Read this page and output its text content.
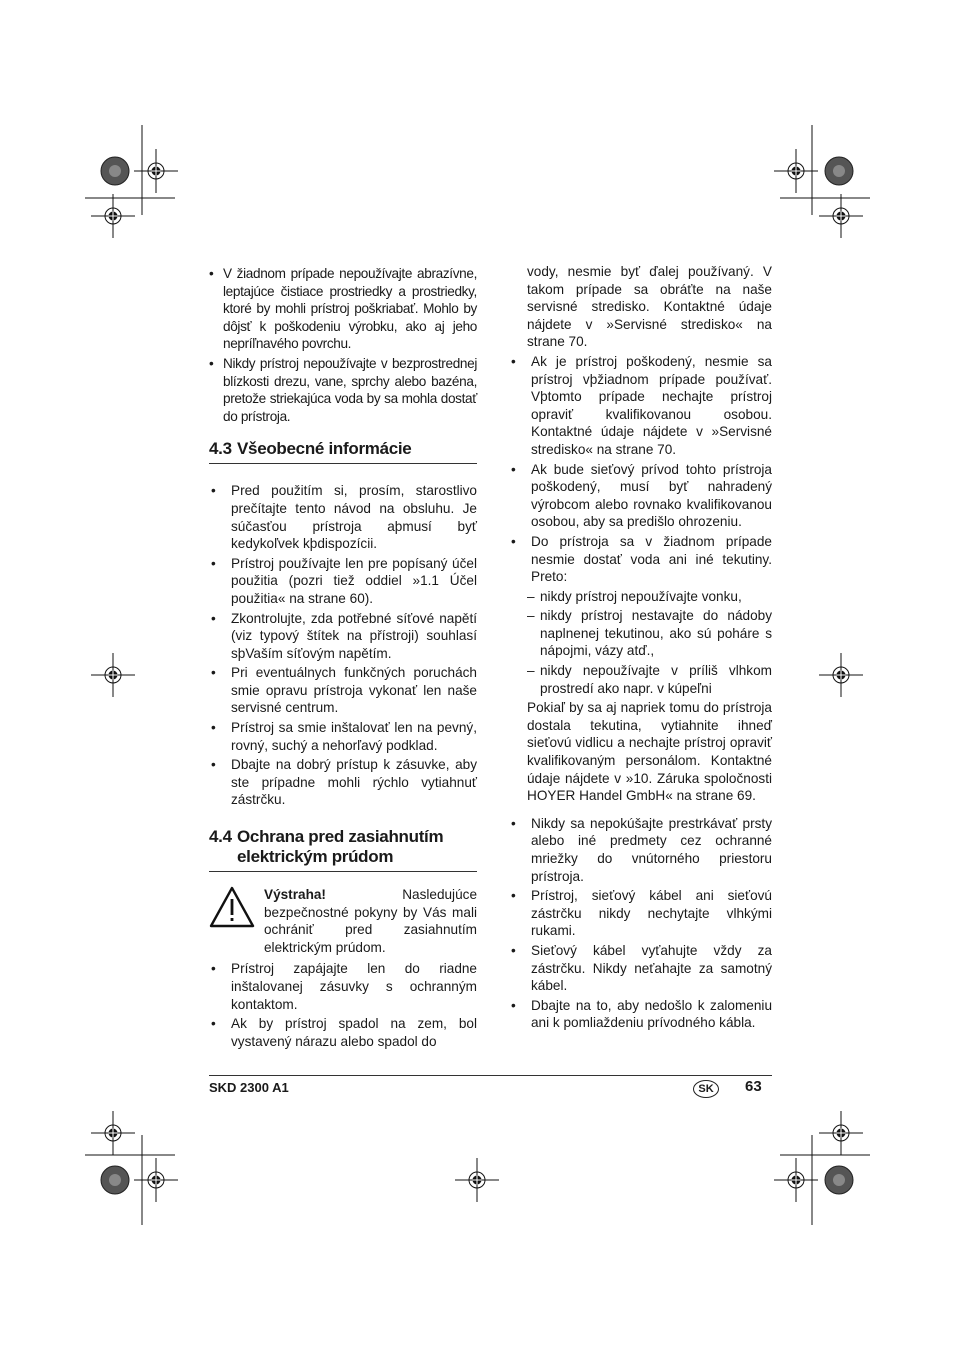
• V žiadnom prípade nepoužívajte abrazívne, leptajúce čistiace prostriedky a prostriedky, ktoré by mohli prístroj poškriabať. Mohlo by dôjsť k poškodeniu výrobku, ako aj jeho nepríľnavého povrchu.
• Nikdy prístroj nepoužívajte v bezprostrednej blízkosti drezu, vane, sprchy alebo bazéna, pretože striekajúca voda by sa mohla dostať do prístroja.
4.3 Všeobecné informácie
• Pred použitím si, prosím, starostlivo prečítajte tento návod na obsluhu. Je súčasťou prístroja aþmusí byť kedykoľvek kþdispozícii.
• Prístroj používajte len pre popísaný účel použitia (pozri tiež oddiel »1.1 Účel použitia« na strane 60).
• Zkontrolujte, zda potřebné síťové napětí (viz typový štítek na přístroji) souhlasí sþVaším síťovým napětím.
• Pri eventuálnych funkčných poruchách smie opravu prístroja vykonať len naše servisné centrum.
• Prístroj sa smie inštalovať len na pevný, rovný, suchý a nehorľavý podklad.
• Dbajte na dobrý prístup k zásuvke, aby ste prípadne mohli rýchlo vytiahnuť zástrčku.
4.4 Ochrana pred zasiahnutím
elektrickým prúdom
Výstraha!	Nasledujúce bezpečnostné pokyny by Vás mali ochrániť pred zasiahnutím elektrickým prúdom.
• Prístroj zapájajte len do riadne inštalovanej zásuvky s ochranným kontaktom.
• Ak by prístroj spadol na zem, bol vystavený nárazu alebo spadol do

vody, nesmie byť ďalej používaný. V takom prípade sa obráťte na naše servisné stredisko. Kontaktné údaje nájdete v »Servisné stredisko« na strane 70.

• Ak je prístroj poškodený, nesmie sa prístroj vþžiadnom prípade používať. Vþtomto prípade nechajte prístroj opraviť kvalifikovanou osobou. Kontaktné údaje nájdete v »Servisné stredisko« na strane 70.
• Ak bude sieťový prívod tohto prístroja poškodený, musí byť nahradený výrobcom alebo rovnako kvalifikovanou osobou, aby sa predišlo ohrozeniu.
• Do prístroja sa v žiadnom prípade nesmie dostať voda ani iné tekutiny. Preto:
– nikdy prístroj nepoužívajte vonku,
– nikdy prístroj nestavajte do nádoby naplnenej tekutinou, ako sú poháre s nápojmi, vázy atď.,
– nikdy nepoužívajte v príliš vlhkom prostredí ako napr. v kúpeľni

Pokiaľ by sa aj napriek tomu do prístroja dostala tekutina, vytiahnite ihneď sieťovú vidlicu a nechajte prístroj opraviť kvalifikovaným personálom. Kontaktné údaje nájdete v »10. Záruka spoločnosti HOYER Handel GmbH« na strane 69.

• Nikdy sa nepokúšajte prestrkávať prsty alebo iné predmety cez ochranné mriežky do vnútorného priestoru prístroja.
• Prístroj, sieťový kábel ani sieťovú zástrčku nikdy nechytajte vlhkými rukami.
• Sieťový kábel vyťahujte vždy za zástrčku. Nikdy neťahajte za samotný kábel.
• Dbajte na to, aby nedošlo k zalomeniu ani k pomliaždeniu prívodného kábla.
SKD 2300 A1	SK	63
